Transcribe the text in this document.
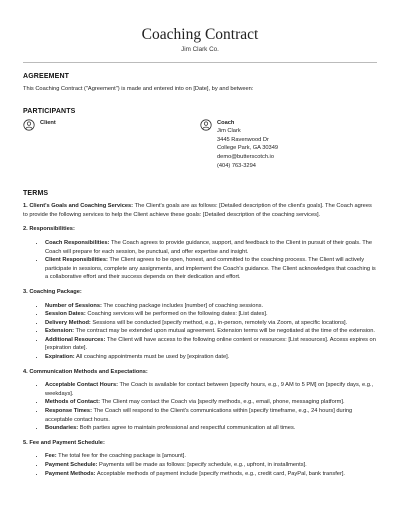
Coaching Contract
Jim Clark Co.
AGREEMENT

This Coaching Contract ("Agreement") is made and entered into on [Date], by and between:

PARTICIPANTS
Client	Coach
Jim Clark
3445 Ravenwood Dr
College Park, GA 30349
demo@butterscotch.io
(404) 763-3294
TERMS

1. Client's Goals and Coaching Services: The Client's goals are as follows: [Detailed description of the client's goals]. The Coach agrees to provide the following services to help the Client achieve these goals: [Detailed description of the coaching services].

2. Responsibilities:
• Coach Responsibilities: The Coach agrees to provide guidance, support, and feedback to the Client in pursuit of their goals. The Coach will prepare for each session, be punctual, and offer expertise and insight.
• Client Responsibilities: The Client agrees to be open, honest, and committed to the coaching process. The Client will actively participate in sessions, complete any assignments, and implement the Coach's guidance. The Client acknowledges that coaching is a collaborative effort and their success depends on their dedication and effort.
3. Coaching Package:
• Number of Sessions: The coaching package includes [number] of coaching sessions.
• Session Dates: Coaching services will be performed on the following dates: [List dates].
• Delivery Method: Sessions will be conducted [specify method, e.g., in-person, remotely via Zoom, at specific locations].
• Extension: The contract may be extended upon mutual agreement. Extension terms will be negotiated at the time of the extension.
• Additional Resources: The Client will have access to the following online content or resources: [List resources]. Access expires on [expiration date].
• Expiration: All coaching appointments must be used by [expiration date].
4. Communication Methods and Expectations:
• Acceptable Contact Hours: The Coach is available for contact between [specify hours, e.g., 9 AM to 5 PM] on [specify days, e.g., weekdays].
• Methods of Contact: The Client may contact the Coach via [specify methods, e.g., email, phone, messaging platform].
• Response Times: The Coach will respond to the Client's communications within [specify timeframe, e.g., 24 hours] during acceptable contact hours.
• Boundaries: Both parties agree to maintain professional and respectful communication at all times.
5. Fee and Payment Schedule:
• Fee: The total fee for the coaching package is [amount].
• Payment Schedule: Payments will be made as follows: [specify schedule, e.g., upfront, in installments].
• Payment Methods: Acceptable methods of payment include [specify methods, e.g., credit card, PayPal, bank transfer].
